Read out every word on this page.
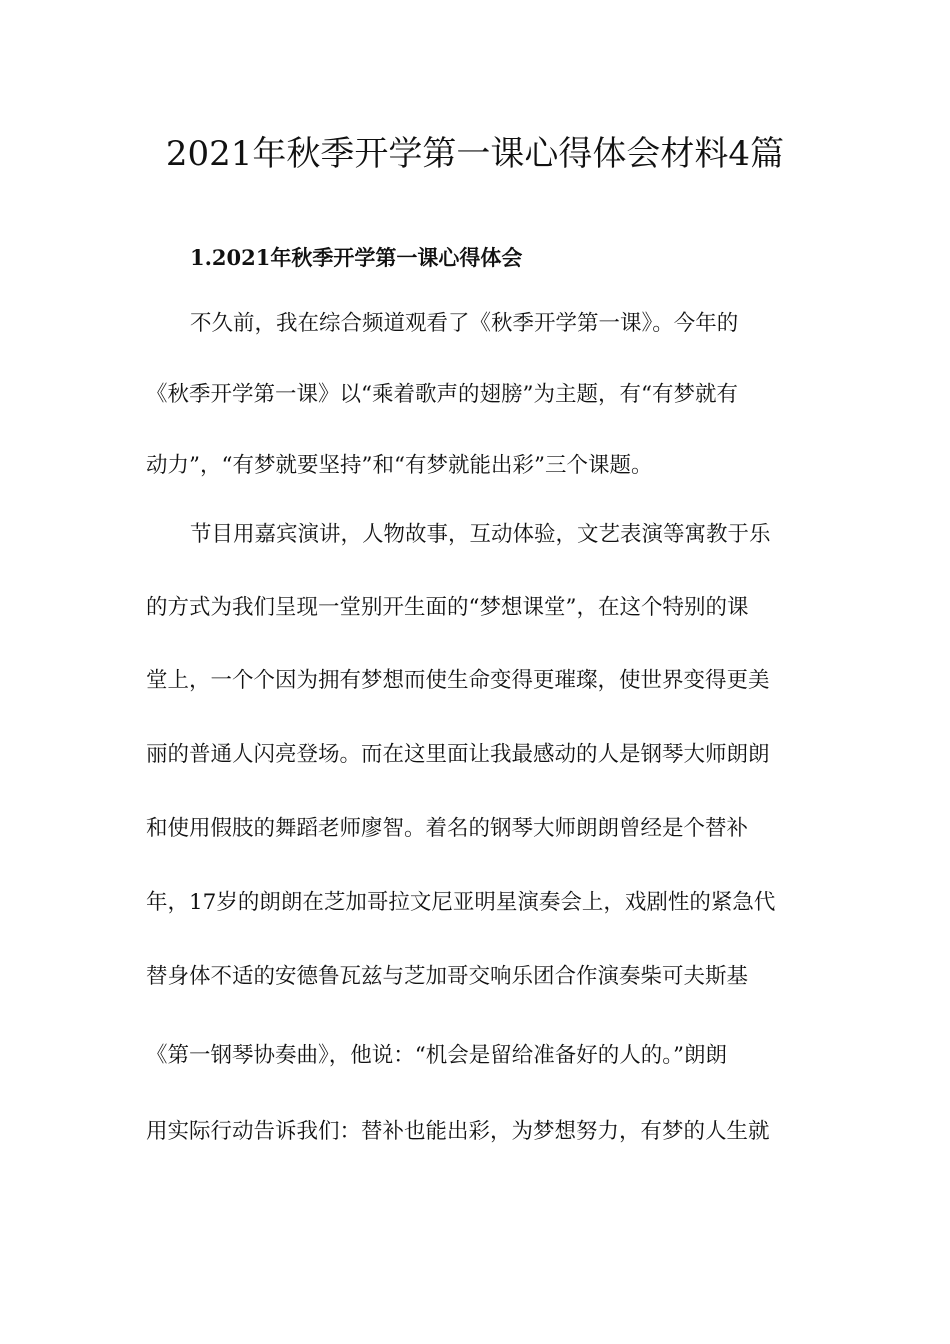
2021年秋季开学第一课心得体会材料4篇
1.2021年秋季开学第一课心得体会
不久前，我在综合频道观看了《秋季开学第一课》。今年的
《秋季开学第一课》以“乘着歌声的翅膀”为主题，有“有梦就有
动力”，“有梦就要坚持”和“有梦就能出彩”三个课题。
节目用嘉宾演讲，人物故事，互动体验，文艺表演等寓教于乐
的方式为我们呈现一堂别开生面的“梦想课堂”，在这个特别的课
堂上，一个个因为拥有梦想而使生命变得更璀璨，使世界变得更美
丽的普通人闪亮登场。而在这里面让我最感动的人是钢琴大师朗朗
和使用假肢的舞蹈老师廖智。着名的钢琴大师朗朗曾经是个替补
年，17岁的朗朗在芝加哥拉文尼亚明星演奏会上，戏剧性的紧急代
替身体不适的安德鲁瓦兹与芝加哥交响乐团合作演奏柴可夫斯基
《第一钢琴协奏曲》，他说：“机会是留给准备好的人的。”朗朗
用实际行动告诉我们：替补也能出彩，为梦想努力，有梦的人生就
